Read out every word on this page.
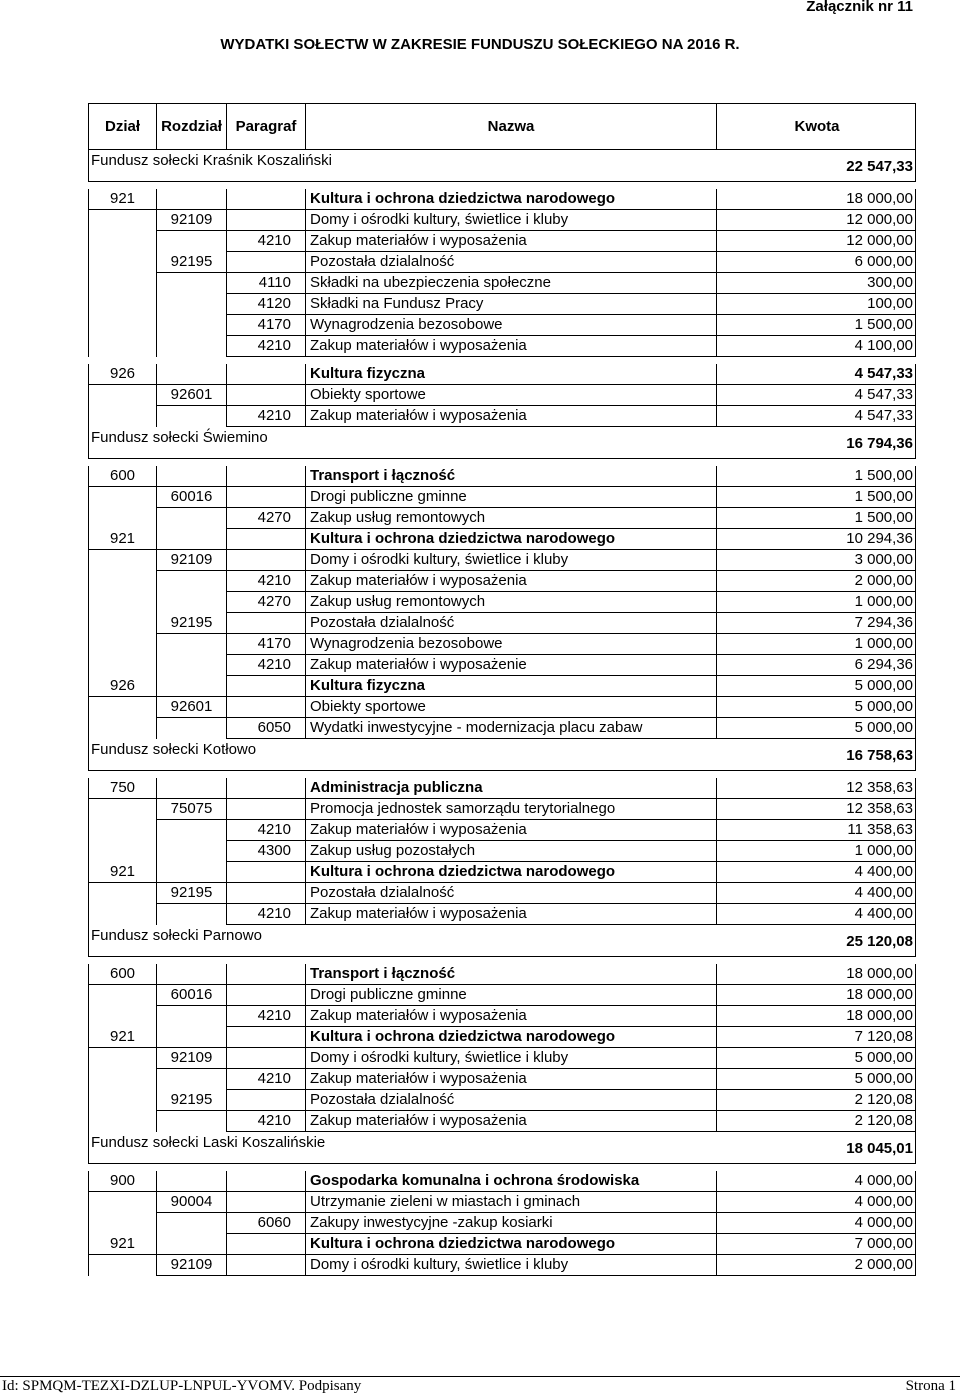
Załącznik nr 11
WYDATKI SOŁECTW W ZAKRESIE FUNDUSZU SOŁECKIEGO NA 2016 R.
Dział	Rozdział Paragraf	Nazwa	Kwota
Fundusz sołecki Kraśnik Koszaliński	22 547,33
921	Kultura i ochrona dziedzictwa narodowego	18 000,00
92109	Domy i ośrodki kultury, świetlice i kluby	12 000,00
4210	Zakup materiałów i wyposażenia	12 000,00
92195	Pozostała dzialalność	6 000,00
4110	Składki na ubezpieczenia społeczne	300,00
4120	Składki na Fundusz Pracy	100,00
4170	Wynagrodzenia bezosobowe	1 500,00
4210	Zakup materiałów i wyposażenia	4 100,00
926	Kultura fizyczna	4 547,33
92601	Obiekty sportowe	4 547,33
4210	Zakup materiałów i wyposażenia	4 547,33
Fundusz sołecki Świemino	16 794,36
600	Transport i łączność	1 500,00
60016	Drogi publiczne gminne	1 500,00
4270	Zakup usług remontowych	1 500,00
921	Kultura i ochrona dziedzictwa narodowego	10 294,36
92109	Domy i ośrodki kultury, świetlice i kluby	3 000,00
4210	Zakup materiałów i wyposażenia	2 000,00
4270	Zakup usług remontowych	1 000,00
92195	Pozostała dzialalność	7 294,36
4170	Wynagrodzenia bezosobowe	1 000,00
4210	Zakup materiałów i wyposażenie	6 294,36
926	Kultura fizyczna	5 000,00
92601	Obiekty sportowe	5 000,00
6050	Wydatki inwestycyjne - modernizacja placu zabaw	5 000,00
Fundusz sołecki Kotłowo	16 758,63
750	Administracja publiczna	12 358,63
75075	Promocja jednostek samorządu terytorialnego	12 358,63
4210	Zakup materiałów i wyposażenia	11 358,63
4300	Zakup usług pozostałych	1 000,00
921	Kultura i ochrona dziedzictwa narodowego	4 400,00
92195	Pozostała dzialalność	4 400,00
4210	Zakup materiałów i wyposażenia	4 400,00
Fundusz sołecki Parnowo	25 120,08
600	Transport i łączność	18 000,00
60016	Drogi publiczne gminne	18 000,00
4210	Zakup materiałów i wyposażenia	18 000,00
921	Kultura i ochrona dziedzictwa narodowego	7 120,08
92109	Domy i ośrodki kultury, świetlice i kluby	5 000,00
4210	Zakup materiałów i wyposażenia	5 000,00
92195	Pozostała dzialalność	2 120,08
4210	Zakup materiałów i wyposażenia	2 120,08
Fundusz sołecki Laski Koszalińskie	18 045,01
900	Gospodarka komunalna i ochrona środowiska	4 000,00
90004	Utrzymanie zieleni w miastach i gminach	4 000,00
6060	Zakupy inwestycyjne -zakup kosiarki	4 000,00
921	Kultura i ochrona dziedzictwa narodowego	7 000,00
92109	Domy i ośrodki kultury, świetlice i kluby	2 000,00
Id: SPMQM-TEZXI-DZLUP-LNPUL-YVOMV. Podpisany	Strona 1
